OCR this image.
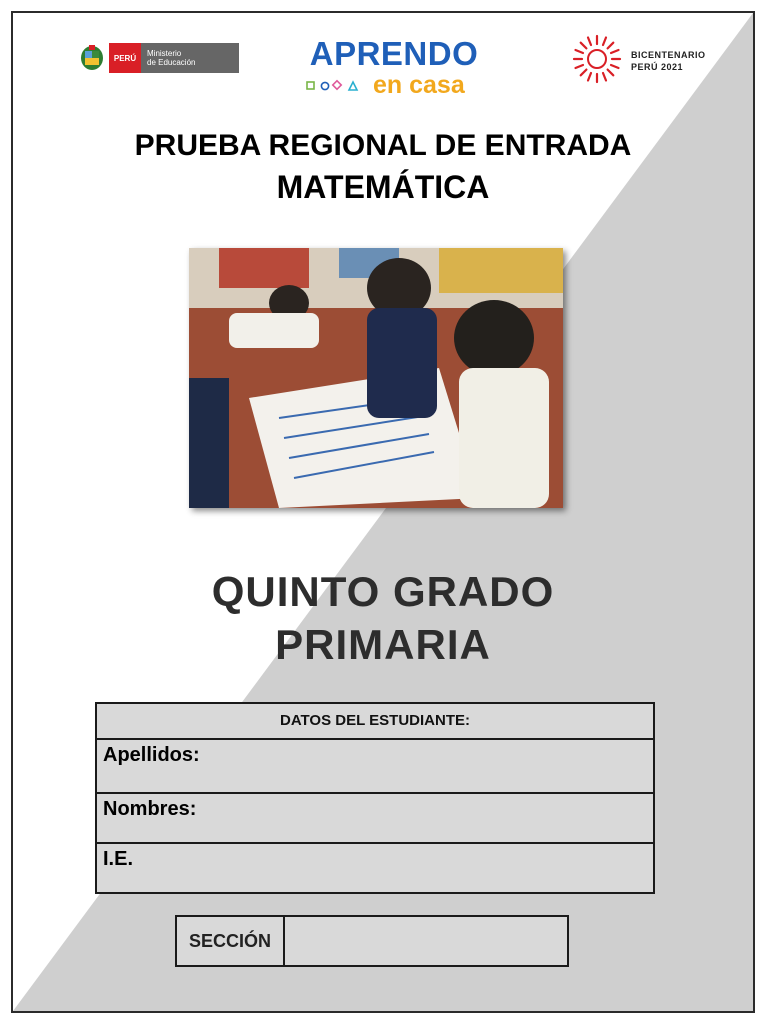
PERÚ	Ministerio
de Educación	APRENDO
en casa
BICENTENARIO
PERÚ 2021
PRUEBA REGIONAL DE ENTRADA
MATEMÁTICA
QUINTO GRADO
PRIMARIA
DATOS DEL ESTUDIANTE:
Apellidos:
Nombres:
I.E.
SECCIÓN
